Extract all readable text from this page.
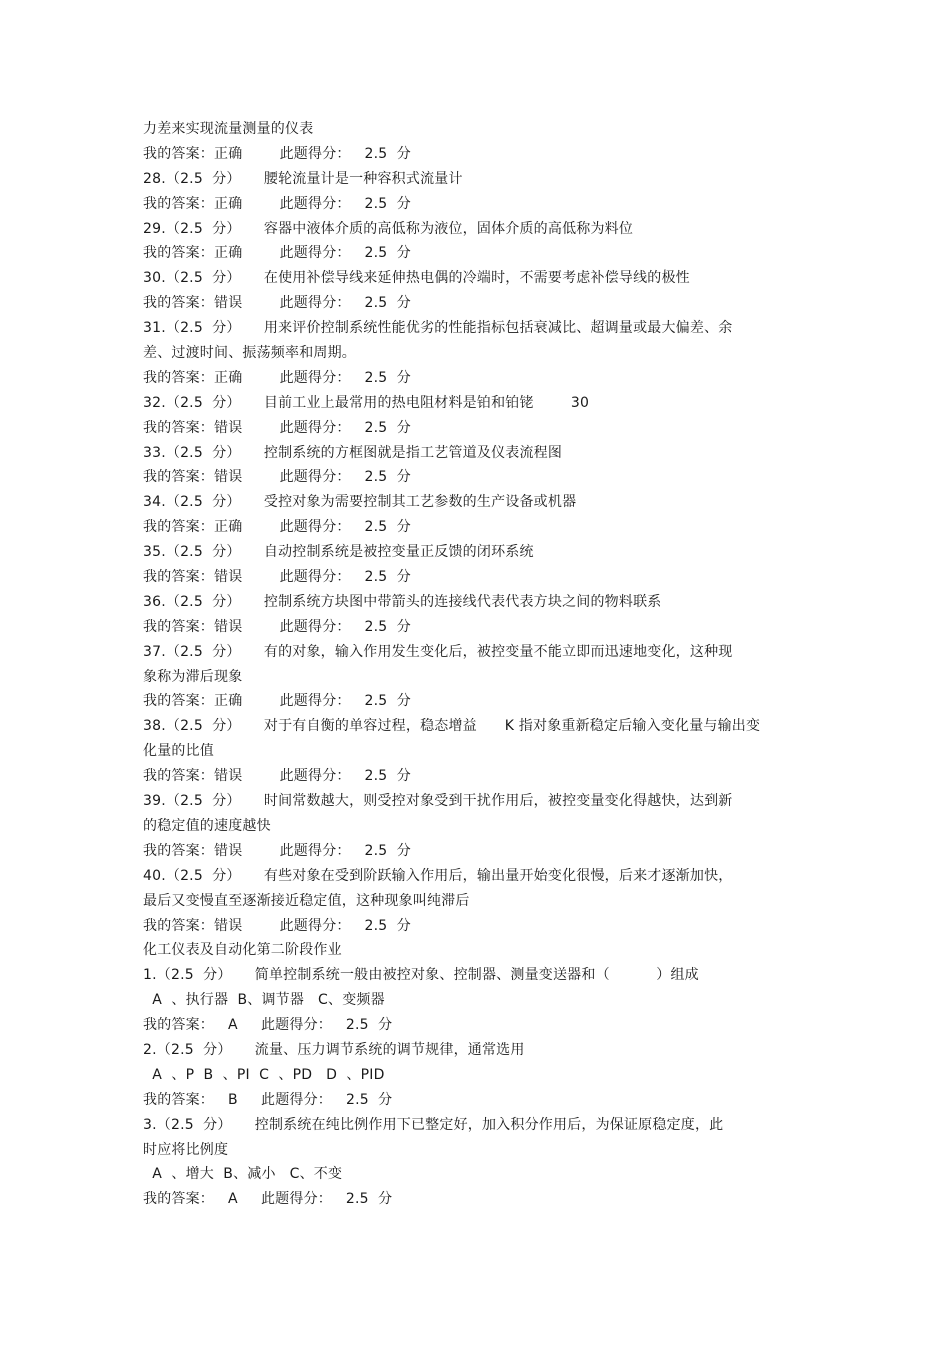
力差来实现流量测量的仪表
我的答案：正确        此题得分：   2.5  分
28.（2.5  分）     腰轮流量计是一种容积式流量计
我的答案：正确        此题得分：   2.5  分
29.（2.5  分）     容器中液体介质的高低称为液位，固体介质的高低称为料位
我的答案：正确        此题得分：   2.5  分
30.（2.5  分）     在使用补偿导线来延伸热电偶的冷端时，不需要考虑补偿导线的极性
我的答案：错误        此题得分：   2.5  分
31.（2.5  分）     用来评价控制系统性能优劣的性能指标包括衰减比、超调量或最大偏差、余
差、过渡时间、振荡频率和周期。
我的答案：正确        此题得分：   2.5  分
32.（2.5  分）     目前工业上最常用的热电阻材料是铂和铂铑        30
我的答案：错误        此题得分：   2.5  分
33.（2.5  分）     控制系统的方框图就是指工艺管道及仪表流程图
我的答案：错误        此题得分：   2.5  分
34.（2.5  分）     受控对象为需要控制其工艺参数的生产设备或机器
我的答案：正确        此题得分：   2.5  分
35.（2.5  分）     自动控制系统是被控变量正反馈的闭环系统
我的答案：错误        此题得分：   2.5  分
36.（2.5  分）     控制系统方块图中带箭头的连接线代表代表方块之间的物料联系
我的答案：错误        此题得分：   2.5  分
37.（2.5  分）     有的对象，输入作用发生变化后，被控变量不能立即而迅速地变化，这种现
象称为滞后现象
我的答案：正确        此题得分：   2.5  分
38.（2.5  分）     对于有自衡的单容过程，稳态增益      K 指对象重新稳定后输入变化量与输出变
化量的比值
我的答案：错误        此题得分：   2.5  分
39.（2.5  分）     时间常数越大，则受控对象受到干扰作用后，被控变量变化得越快，达到新
的稳定值的速度越快
我的答案：错误        此题得分：   2.5  分
40.（2.5  分）     有些对象在受到阶跃输入作用后，输出量开始变化很慢，后来才逐渐加快，
最后又变慢直至逐渐接近稳定值，这种现象叫纯滞后
我的答案：错误        此题得分：   2.5  分
化工仪表及自动化第二阶段作业
1.（2.5  分）     简单控制系统一般由被控对象、控制器、测量变送器和（          ）组成
A  、执行器  B、调节器   C、变频器
我的答案：   A     此题得分：   2.5  分
2.（2.5  分）     流量、压力调节系统的调节规律，通常选用
A  、P  B  、PI  C  、PD   D  、PID
我的答案：   B     此题得分：   2.5  分
3.（2.5  分）     控制系统在纯比例作用下已整定好，加入积分作用后，为保证原稳定度，此
时应将比例度
A  、增大  B、减小   C、不变
我的答案：   A     此题得分：   2.5  分
